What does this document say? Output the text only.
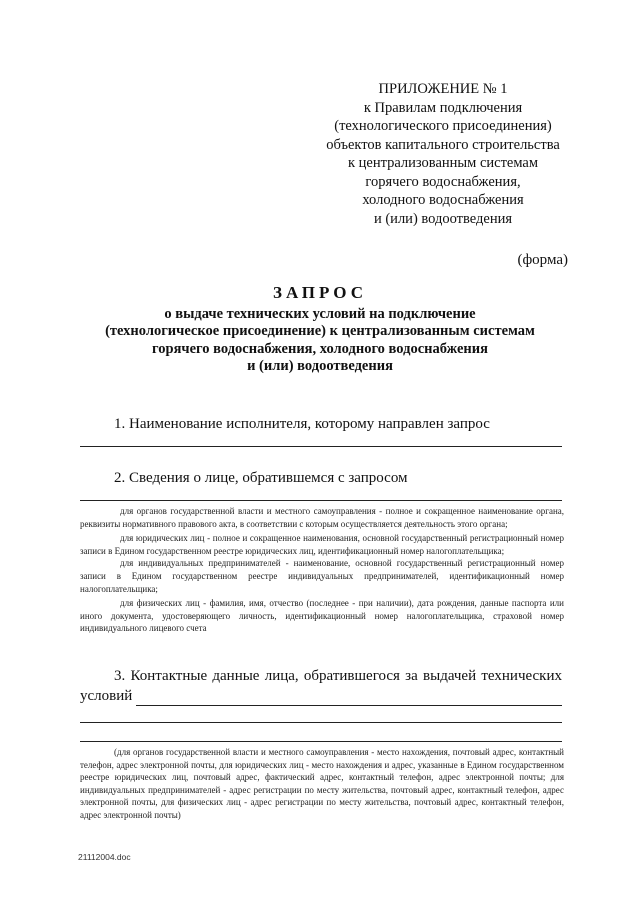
ПРИЛОЖЕНИЕ № 1
к Правилам подключения
(технологического присоединения)
объектов капитального строительства
к централизованным системам
горячего водоснабжения,
холодного водоснабжения
и (или) водоотведения
(форма)
ЗАПРОС
о выдаче технических условий на подключение
(технологическое присоединение) к централизованным системам
горячего водоснабжения, холодного водоснабжения
и (или) водоотведения
1. Наименование исполнителя, которому направлен запрос
2. Сведения о лице, обратившемся с запросом

для органов государственной власти и местного самоуправления - полное и сокращенное наименование органа, реквизиты нормативного правового акта, в соответствии с которым осуществляется деятельность этого органа;

для юридических лиц - полное и сокращенное наименования, основной государственный регистрационный номер записи в Едином государственном реестре юридических лиц, идентификационный номер налогоплательщика;

для индивидуальных предпринимателей - наименование, основной государственный регистрационный номер записи в Едином государственном реестре индивидуальных предпринимателей, идентификационный номер налогоплательщика;

для физических лиц - фамилия, имя, отчество (последнее - при наличии), дата рождения, данные паспорта или иного документа, удостоверяющего личность, идентификационный номер налогоплательщика, страховой номер индивидуального лицевого счета

3. Контактные данные лица, обратившегося за выдачей технических
условий

(для органов государственной власти и местного самоуправления - место нахождения, почтовый адрес, контактный телефон, адрес электронной почты, для юридических лиц - место нахождения и адрес, указанные в Едином государственном реестре юридических лиц, почтовый адрес, фактический адрес, контактный телефон, адрес электронной почты; для индивидуальных предпринимателей - адрес регистрации по месту жительства, почтовый адрес, контактный телефон, адрес электронной почты, для физических лиц - адрес регистрации по месту жительства, почтовый адрес, контактный телефон, адрес электронной почты)

21112004.doc
